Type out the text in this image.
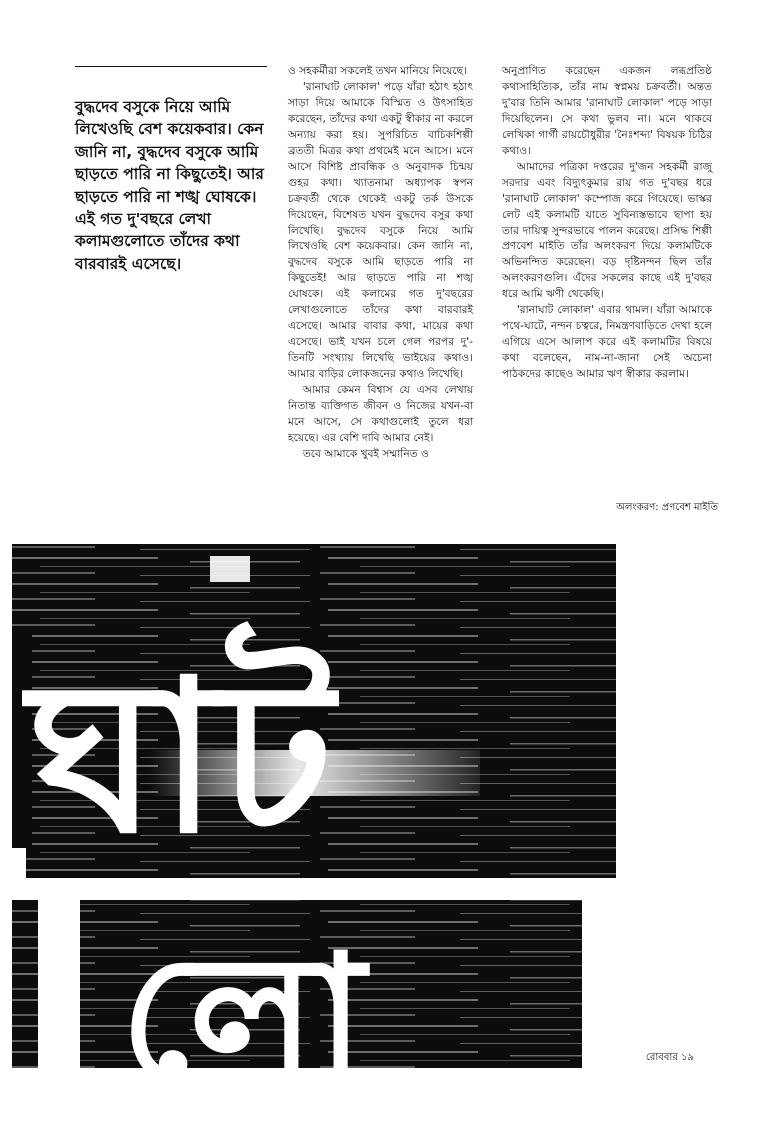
বুদ্ধদেব বসুকে নিয়ে আমি লিখেওছি বেশ কয়েকবার। কেন জানি না, বুদ্ধদেব বসুকে আমি ছাড়তে পারি না কিছুতেই। আর ছাড়তে পারি না শঙ্খ ঘোষকে। এই গত দু'বছরে লেখা কলামগুলোতে তাঁদের কথা বারবারই এসেছে।

ও সহকর্মীরা সকলেই তখন মানিয়ে নিয়েছে।

'রানাঘাট লোকাল' পড়ে যাঁরা হঠাৎ হঠাৎ সাড়া দিয়ে আমাকে বিস্মিত ও উৎসাহিত করেছেন, তাঁদের কথা একটু স্বীকার না করলে অন্যায় করা হয়। সুপরিচিত বাচিকশিল্পী ব্রততী মিত্রর কথা প্রথমেই মনে আসে। মনে আসে বিশিষ্ট প্রাবন্ধিক ও অনুবাদক চিন্ময় গুহর কথা। খ্যাতনামা অধ্যাপক স্বপন চক্রবর্তী থেকে থেকেই একটু তর্ক উসকে দিয়েছেন, বিশেষত যখন বুদ্ধদেব বসুর কথা লিখেছি। বুদ্ধদেব বসুকে নিয়ে আমি লিখেওছি বেশ কয়েকবার। কেন জানি না, বুদ্ধদেব বসুকে আমি ছাড়তে পারি না কিছুতেই! আর ছাড়তে পারি না শঙ্খ ঘোষকে। এই কলামের গত দু'বছরের লেখাগুলোতে তাঁদের কথা বারবারই এসেছে। আমার বাবার কথা, মায়ের কথা এসেছে। ভাই যখন চলে গেল পরপর দু'-তিনটি সংখ্যায় লিখেছি ভাইয়ের কথাও। আমার বাড়ির লোকজনের কথাও লিখেছি।

আমার কেমন বিশ্বাস যে এসব লেখায় নিতান্ত ব্যক্তিগত জীবন ও নিজের যখন-বা মনে আসে, সে কথাগুলোই তুলে ধরা হয়েছে। এর বেশি দাবি আমার নেই।

তবে আমাকে খুবই সম্মানিত ও

অনুপ্রাণিত করেছেন একজন লব্ধপ্রতিষ্ঠ কথাসাহিত্যিক, তাঁর নাম স্বপ্নময় চক্রবর্তী। অন্তত দু'বার তিনি আমার 'রানাঘাট লোকাল' পড়ে সাড়া দিয়েছিলেন। সে কথা ভুলব না। মনে থাকবে লেখিকা গার্গী রায়চৌধুরীর 'নৈঃশব্দ্য' বিষয়ক চিঠির কথাও।

আমাদের পত্রিকা দপ্তরের দু'জন সহকর্মী রাজু সরদার এবং বিদ্যুৎকুমার রায় গত দু'বছর ধরে 'রানাঘাট লোকাল' কম্পোজ করে গিয়েছে। ভাস্কর লেট এই কলামটি যাতে সুবিন্যস্তভাবে ছাপা হয় তার দায়িত্ব সুন্দরভাবে পালন করেছে। প্রসিদ্ধ শিল্পী প্রণবেশ মাইতি তাঁর অলংকরণ দিয়ে কলামটিকে অভিনন্দিত করেছেন। বড় দৃষ্টিনন্দন ছিল তাঁর অলংকরণগুলি। এঁদের সকলের কাছে এই দু'বছর ধরে আমি ঋণী থেকেছি।

'রানাঘাট লোকাল' এবার থামল। যাঁরা আমাকে পথে-ঘাটে, নন্দন চত্বরে, নিমন্ত্রণবাড়িতে দেখা হলে এগিয়ে এসে আলাপ করে এই কলামটির বিষয়ে কথা বলেছেন, নাম-না-জানা সেই অচেনা পাঠকদের কাছেও আমার ঋণ স্বীকার করলাম।

অলংকরণ: প্রণবেশ মাইতি

ঘাট
লো	রোববার ১৯
